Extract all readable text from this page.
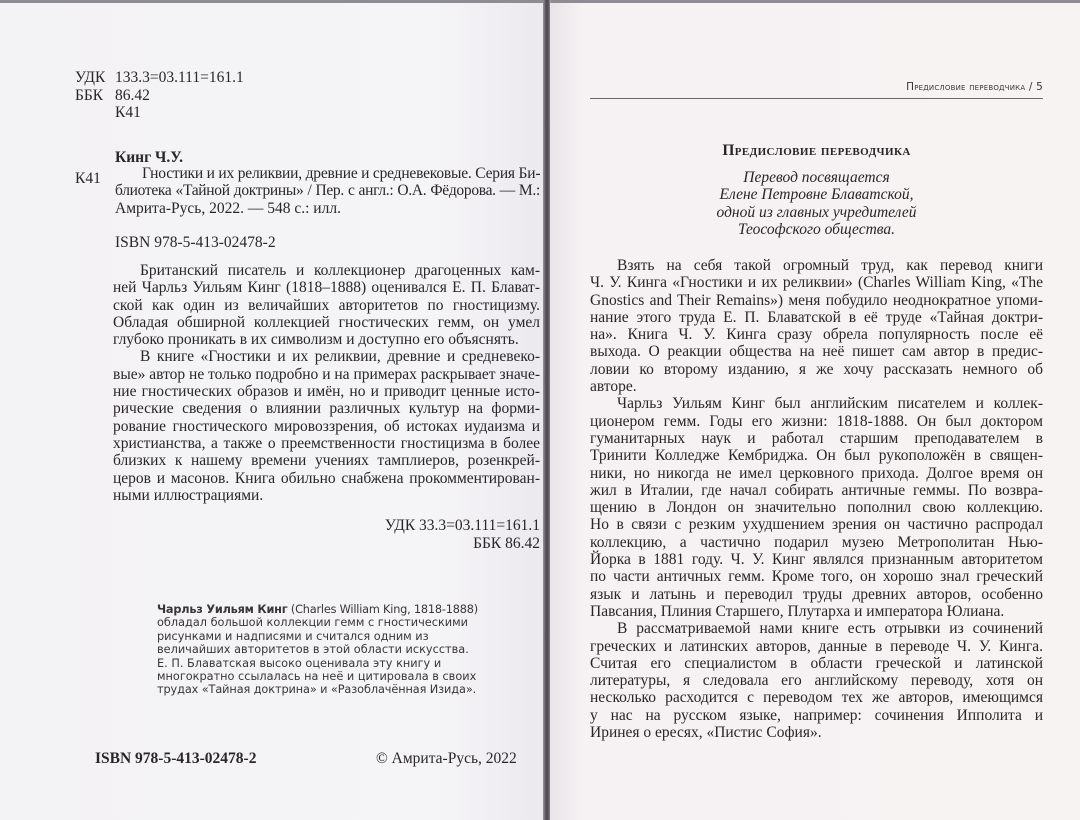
УДК 133.3=03.111=161.1
ББК 86.42
К41
Кинг Ч.У.
К41	Гностики и их реликвии, древние и средневековые. Серия Би-
блиотека «Тайной доктрины» / Пер. с англ.: О.А. Фёдорова. — М.:
Амрита-Русь, 2022. — 548 с.: илл.
ISBN 978-5-413-02478-2
Британский писатель и коллекционер драгоценных кам-
ней Чарльз Уильям Кинг (1818–1888) оценивался Е. П. Блават-
ской как один из величайших авторитетов по гностицизму.
Обладая обширной коллекцией гностических гемм, он умел
глубоко проникать в их символизм и доступно его объяснять.
В книге «Гностики и их реликвии, древние и средневеко-
вые» автор не только подробно и на примерах раскрывает значе-
ние гностических образов и имён, но и приводит ценные исто-
рические сведения о влиянии различных культур на форми-
рование гностического мировоззрения, об истоках иудаизма и
христианства, а также о преемственности гностицизма в более
близких к нашему времени учениях тамплиеров, розенкрей-
церов и масонов. Книга обильно снабжена прокомментирован-
ными иллюстрациями.
УДК 33.3=03.111=161.1
ББК 86.42
Чарльз Уильям Кинг (Charles William King, 1818-1888)
обладал большой коллекции гемм с гностическими
рисунками и надписями и считался одним из
величайших авторитетов в этой области искусства.
Е. П. Блаватская высоко оценивала эту книгу и
многократно ссылалась на неё и цитировала в своих
трудах «Тайная доктрина» и «Разоблачённая Изида».
ISBN 978-5-413-02478-2	© Амрита-Русь, 2022
Предисловие переводчика / 5
Предисловие переводчика
Перевод посвящается
Елене Петровне Блаватской,
одной из главных учредителей
Теософского общества.
Взять на себя такой огромный труд, как перевод книги
Ч. У. Кинга «Гностики и их реликвии» (Charles William King, «The
Gnostics and Their Remains») меня побудило неоднократное упоми-
нание этого труда Е. П. Блаватской в её труде «Тайная доктри-
на». Книга Ч. У. Кинга сразу обрела популярность после её
выхода. О реакции общества на неё пишет сам автор в предис-
ловии ко второму изданию, я же хочу рассказать немного об
авторе.
Чарльз Уильям Кинг был английским писателем и коллек-
ционером гемм. Годы его жизни: 1818-1888. Он был доктором
гуманитарных наук и работал старшим преподавателем в
Тринити Колледже Кембриджа. Он был рукоположён в священ-
ники, но никогда не имел церковного прихода. Долгое время он
жил в Италии, где начал собирать античные геммы. По возвра-
щению в Лондон он значительно пополнил свою коллекцию.
Но в связи с резким ухудшением зрения он частично распродал
коллекцию, а частично подарил музею Метрополитан Нью-
Йорка в 1881 году. Ч. У. Кинг являлся признанным авторитетом
по части античных гемм. Кроме того, он хорошо знал греческий
язык и латынь и переводил труды древних авторов, особенно
Павсания, Плиния Старшего, Плутарха и императора Юлиана.
В рассматриваемой нами книге есть отрывки из сочинений
греческих и латинских авторов, данные в переводе Ч. У. Кинга.
Считая его специалистом в области греческой и латинской
литературы, я следовала его английскому переводу, хотя он
несколько расходится с переводом тех же авторов, имеющимся
у нас на русском языке, например: сочинения Ипполита и
Иринея о ересях, «Пистис София».
